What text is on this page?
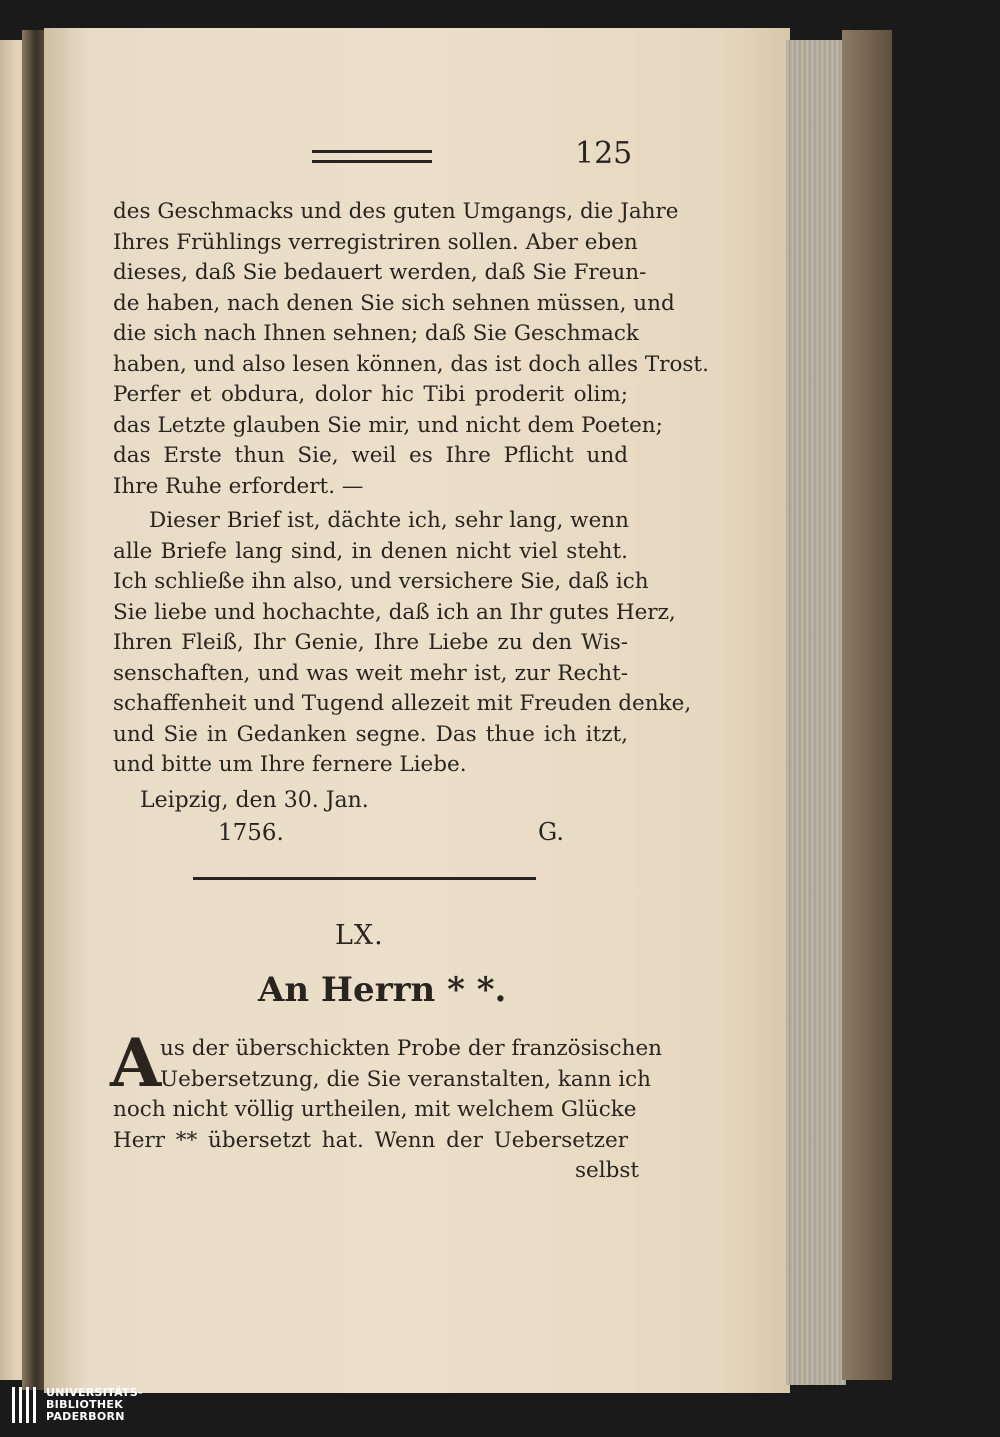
125
des Geschmacks und des guten Umgangs, die Jahre
Ihres Frühlings verregistriren sollen. Aber eben
dieses, daß Sie bedauert werden, daß Sie Freun-
de haben, nach denen Sie sich sehnen müssen, und
die sich nach Ihnen sehnen; daß Sie Geschmack
haben, und also lesen können, das ist doch alles Trost.
Perfer et obdura, dolor hic Tibi proderit olim;
das Letzte glauben Sie mir, und nicht dem Poeten;
das Erste thun Sie, weil es Ihre Pflicht und
Ihre Ruhe erfordert. —
Dieser Brief ist, dächte ich, sehr lang, wenn
alle Briefe lang sind, in denen nicht viel steht.
Ich schließe ihn also, und versichere Sie, daß ich
Sie liebe und hochachte, daß ich an Ihr gutes Herz,
Ihren Fleiß, Ihr Genie, Ihre Liebe zu den Wis-
senschaften, und was weit mehr ist, zur Recht-
schaffenheit und Tugend allezeit mit Freuden denke,
und Sie in Gedanken segne. Das thue ich itzt,
und bitte um Ihre fernere Liebe.
Leipzig, den 30. Jan.
1756.	G.
LX.
An Herrn * *.
A
us der überschickten Probe der französischen
Uebersetzung, die Sie veranstalten, kann ich
noch nicht völlig urtheilen, mit welchem Glücke
Herr ** übersetzt hat. Wenn der Uebersetzer
selbst
UNIVERSITÄTS-
BIBLIOTHEK
PADERBORN
